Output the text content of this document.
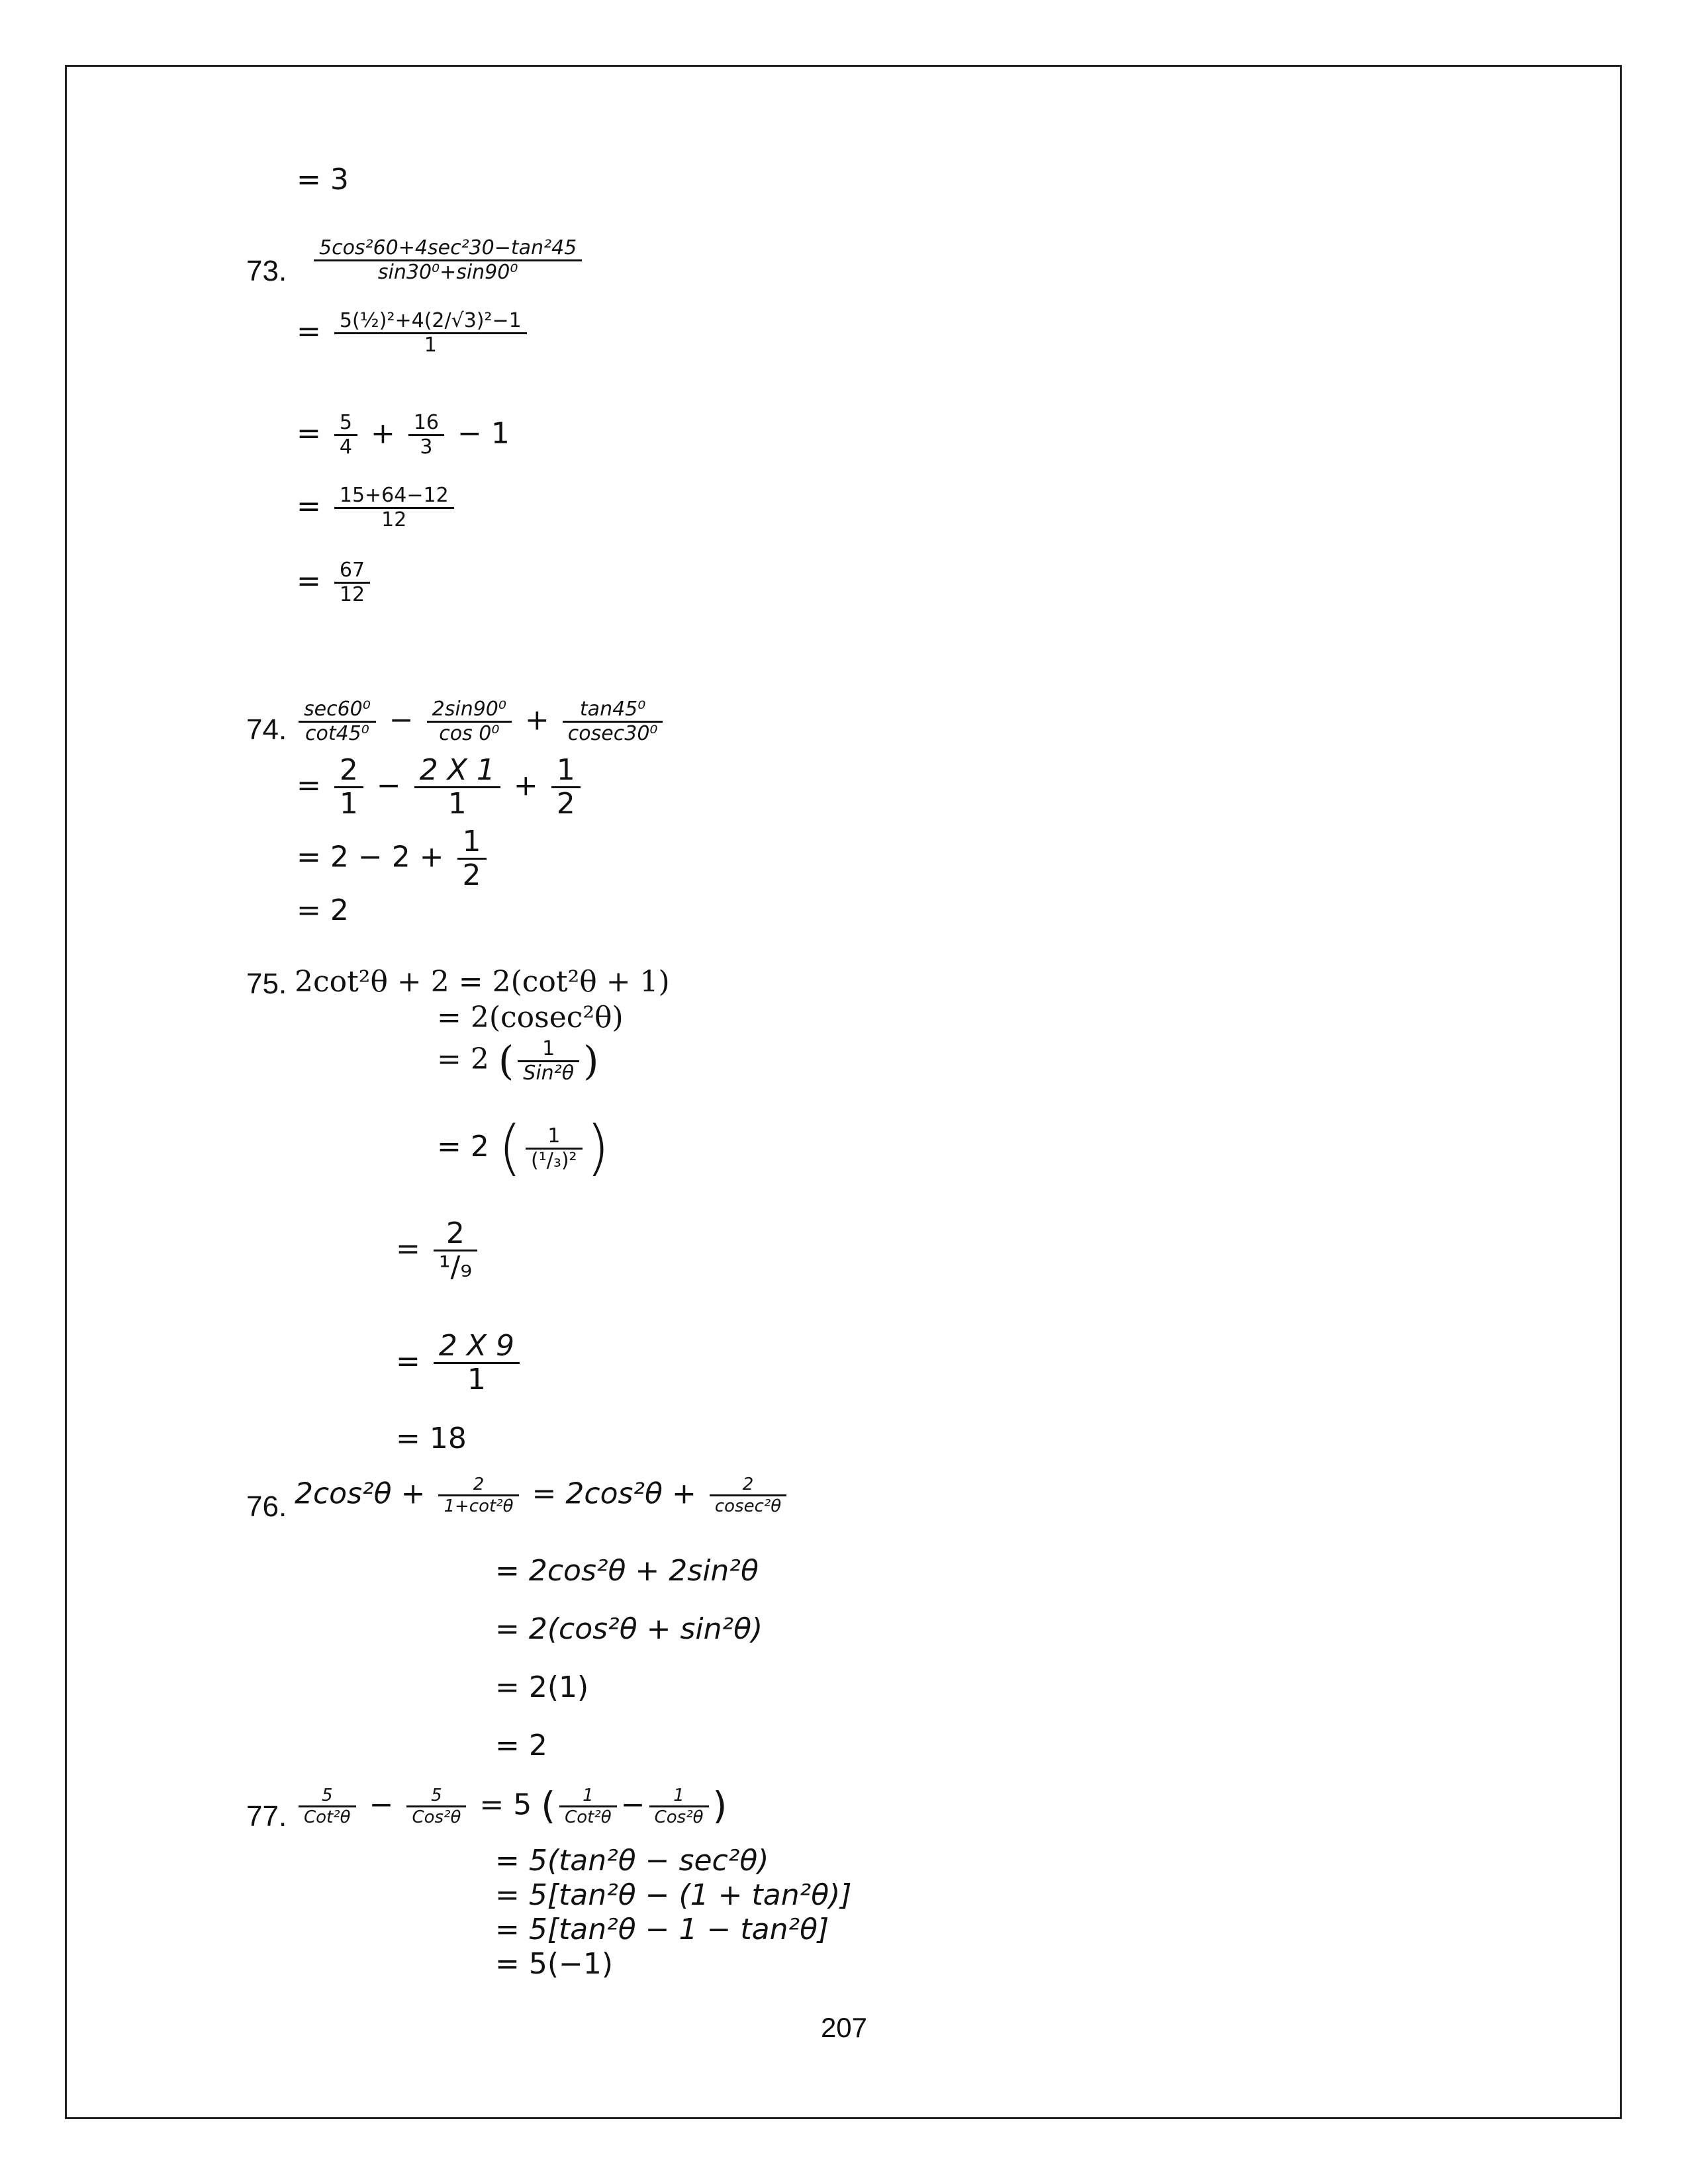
= 3
73. $\frac{\text{5cos²60+4sec²30−tan²45}}{\text{sin30⁰+sin90⁰}}$
= $\frac{\text{5(½)²+4(2/√3)²−1}}{1}$
= $\frac{5}{4} + \frac{16}{3} - 1$
= $\frac{15+64-12}{12}$
= $\frac{67}{12}$
74. $\frac{\text{sec60⁰}}{\text{cot45⁰}} - \frac{\text{2sin90⁰}}{\text{cos 0⁰}} + \frac{\text{tan45⁰}}{\text{cosec30⁰}}$
= $\frac{2}{1} - \frac{2 X 1}{1} + \frac{1}{2}$
= $2 - 2 + \frac{1}{2}$
= 2
75. 2cot²θ + 2 = 2(cot²θ + 1)
= 2(cosec²θ)
= 2 ( $\frac{1}{\text{Sin²θ}}$ )
= 2 ( $\frac{1}{\text{(¹/₃)²}}$ )
= $\frac{2}{\text{¹/₉}}$
= $\frac{2 X 9}{1}$
= 18
76. $2\cos^2\theta + \frac{2}{\text{1+cot²θ}} = 2\cos^2\theta + \frac{2}{\text{cosec²θ}}$
= 2cos²θ + 2sin²θ
= 2(cos²θ + sin²θ)
= 2(1)
= 2
77. $\frac{5}{\text{Cot²θ}} - \frac{5}{\text{Cos²θ}} = 5$ ( $\frac{1}{\text{Cot²θ}} - \frac{1}{\text{Cos²θ}}$ )
= 5(tan²θ − sec²θ)
= 5[tan²θ − (1 + tan²θ)]
= 5[tan²θ − 1 − tan²θ]
= 5(−1)
207
